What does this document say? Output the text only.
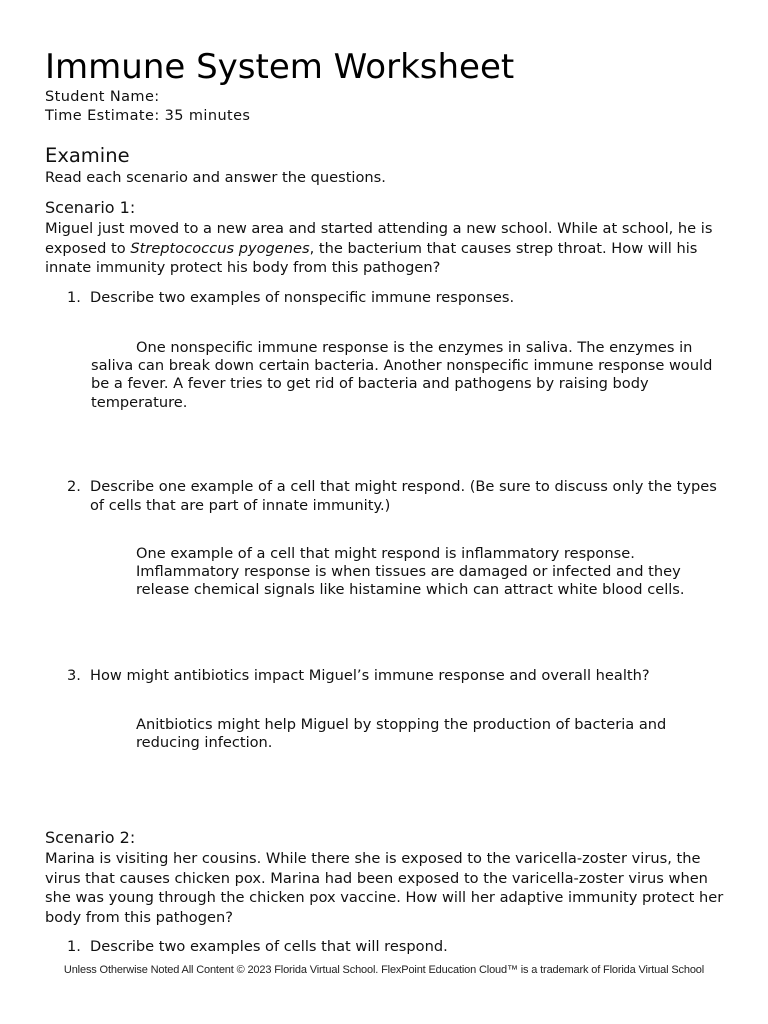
Immune System Worksheet
Student Name:
Time Estimate: 35 minutes
Examine

Read each scenario and answer the questions.

Scenario 1:

Miguel just moved to a new area and started attending a new school. While at school, he is exposed to Streptococcus pyogenes, the bacterium that causes strep throat. How will his innate immunity protect his body from this pathogen?

1. Describe two examples of nonspecific immune responses.

One nonspecific immune response is the enzymes in saliva. The enzymes in saliva can break down certain bacteria. Another nonspecific immune response would be a fever. A fever tries to get rid of bacteria and pathogens by raising body temperature.

2. Describe one example of a cell that might respond. (Be sure to discuss only the types of cells that are part of innate immunity.)

One example of a cell that might respond is inflammatory response. Imflammatory response is when tissues are damaged or infected and they release chemical signals like histamine which can attract white blood cells.

3. How might antibiotics impact Miguel’s immune response and overall health?

Anitbiotics might help Miguel by stopping the production of bacteria and reducing infection.

Scenario 2:

Marina is visiting her cousins. While there she is exposed to the varicella-zoster virus, the virus that causes chicken pox. Marina had been exposed to the varicella-zoster virus when she was young through the chicken pox vaccine. How will her adaptive immunity protect her body from this pathogen?

1. Describe two examples of cells that will respond.
Unless Otherwise Noted All Content © 2023 Florida Virtual School. FlexPoint Education Cloud™ is a trademark of Florida Virtual School
